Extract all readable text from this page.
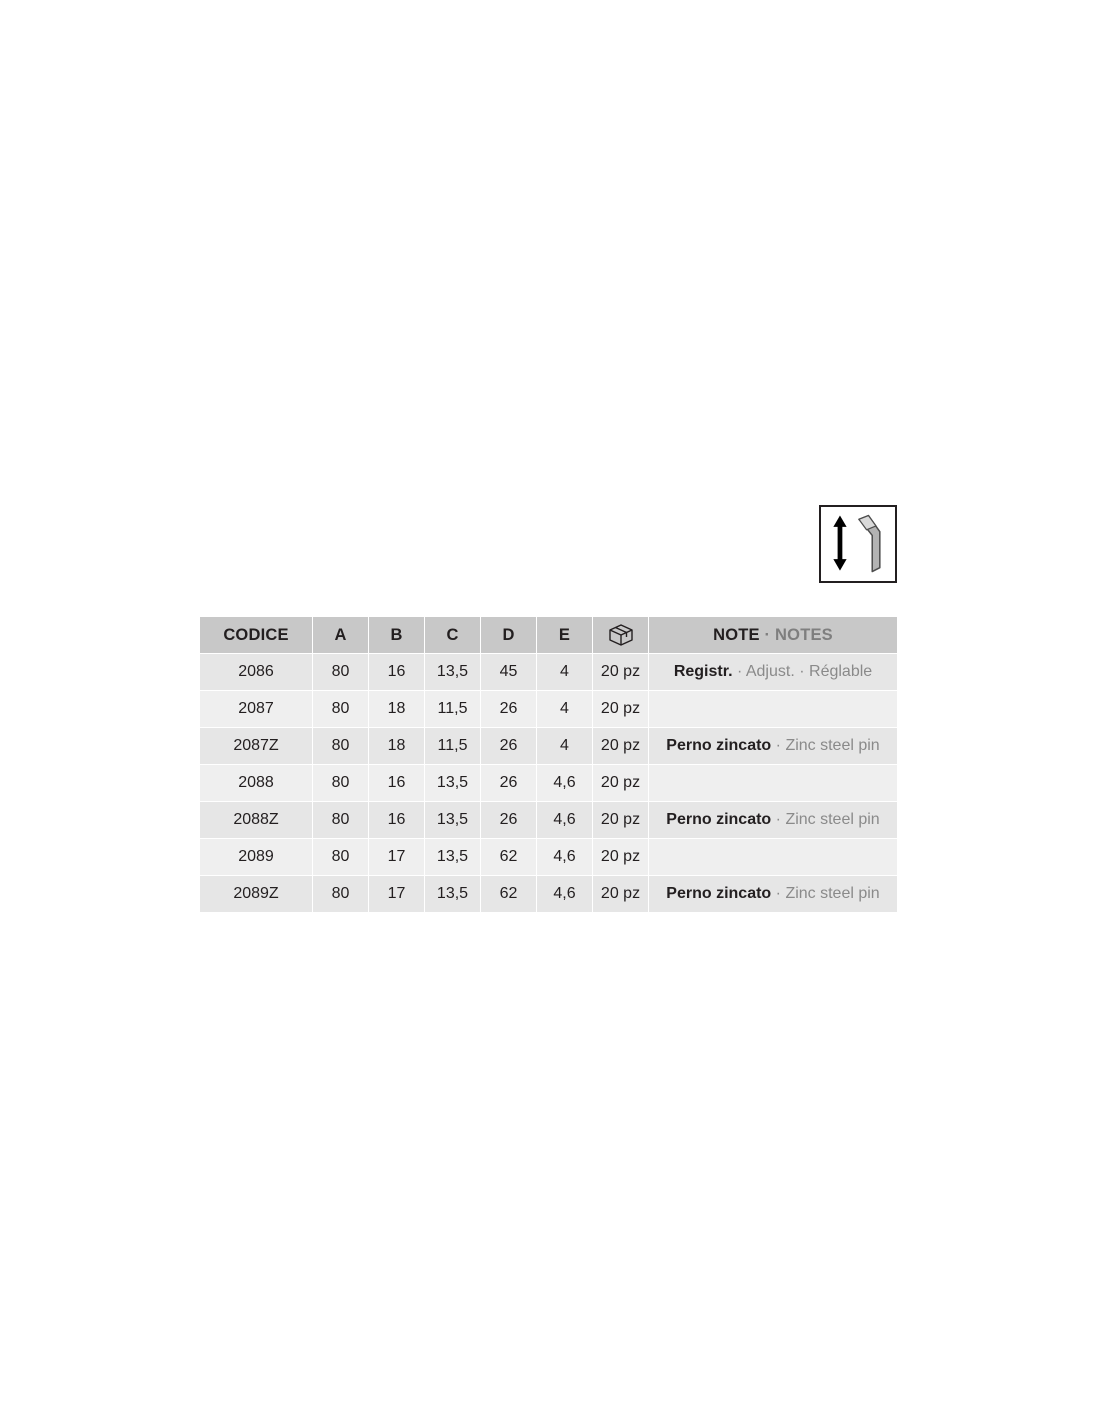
CODICE	A	B	C	D	E		NOTE · NOTES
2086	80	16	13,5	45	4	20 pz	Registr. · Adjust. · Réglable
2087	80	18	11,5	26	4	20 pz	
2087Z	80	18	11,5	26	4	20 pz	Perno zincato · Zinc steel pin
2088	80	16	13,5	26	4,6	20 pz	
2088Z	80	16	13,5	26	4,6	20 pz	Perno zincato · Zinc steel pin
2089	80	17	13,5	62	4,6	20 pz	
2089Z	80	17	13,5	62	4,6	20 pz	Perno zincato · Zinc steel pin
